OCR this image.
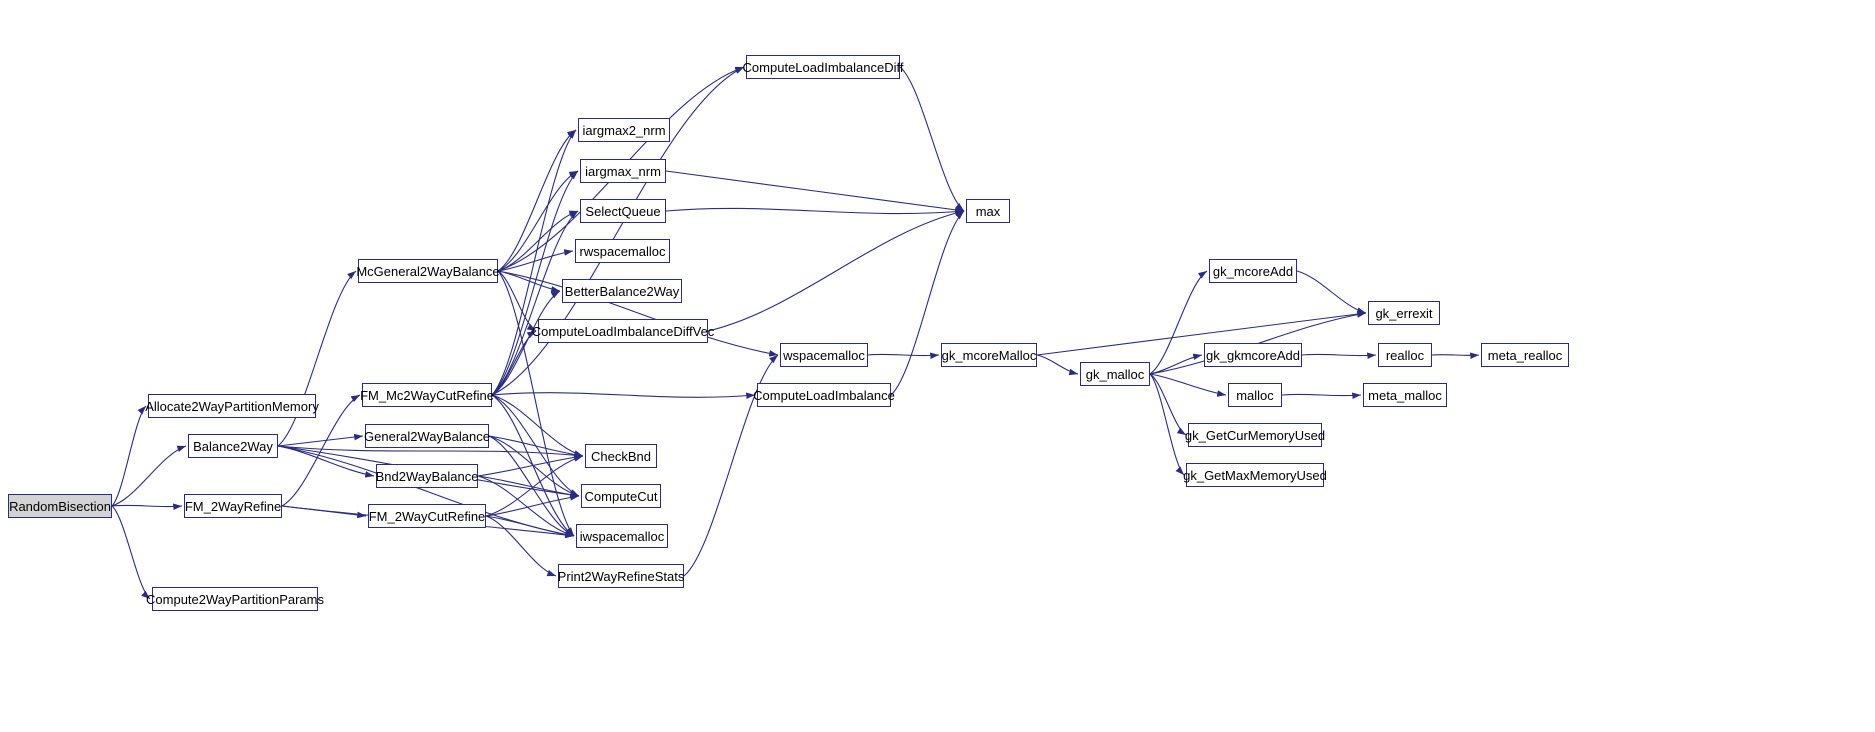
RandomBisection
Allocate2WayPartitionMemory
Balance2Way
FM_2WayRefine
Compute2WayPartitionParams
McGeneral2WayBalance
FM_Mc2WayCutRefine
General2WayBalance
Bnd2WayBalance
FM_2WayCutRefine
Print2WayRefineStats
iargmax2_nrm
iargmax_nrm
SelectQueue
rwspacemalloc
BetterBalance2Way
ComputeLoadImbalanceDiffVec
CheckBnd
ComputeCut
iwspacemalloc
ComputeLoadImbalanceDiff
wspacemalloc
ComputeLoadImbalance
max
gk_mcoreMalloc
gk_malloc
gk_mcoreAdd
gk_gkmcoreAdd
malloc
gk_GetCurMemoryUsed
gk_GetMaxMemoryUsed
gk_errexit
realloc
meta_malloc
meta_realloc
